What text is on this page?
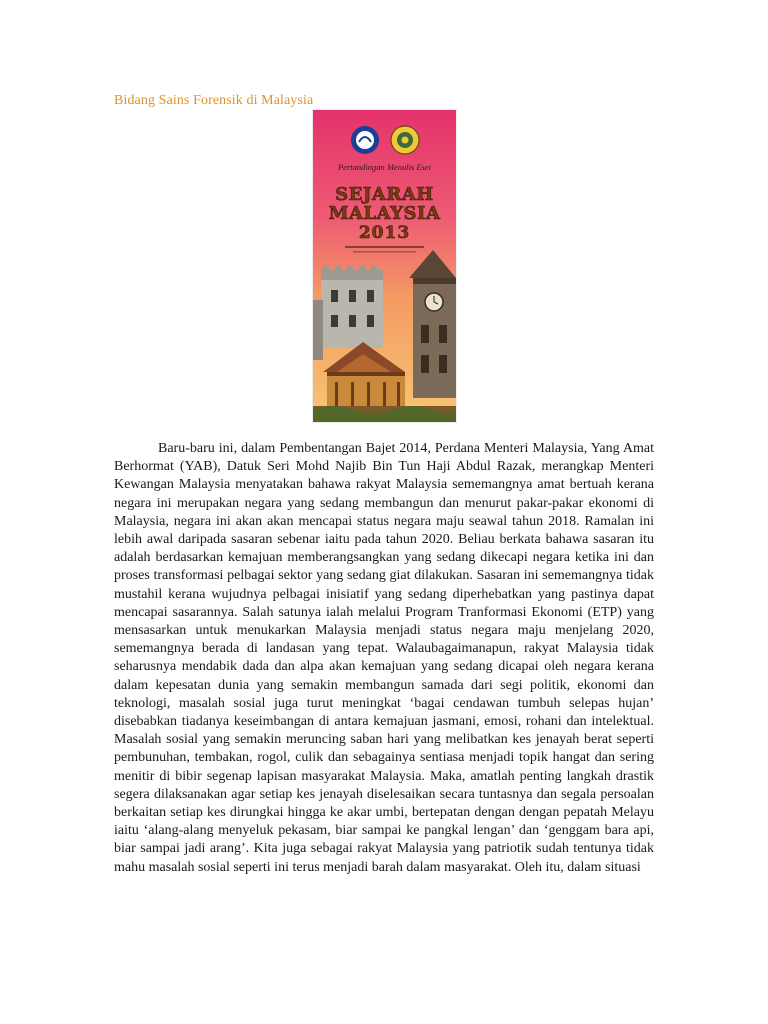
Bidang Sains Forensik di Malaysia
Pertandingan Menulis Esei
SEJARAH
MALAYSIA
2013

Baru-baru ini, dalam Pembentangan Bajet 2014, Perdana Menteri Malaysia, Yang Amat Berhormat (YAB), Datuk Seri Mohd Najib Bin Tun Haji Abdul Razak, merangkap Menteri Kewangan Malaysia menyatakan bahawa rakyat Malaysia sememangnya amat bertuah kerana negara ini merupakan negara yang sedang membangun dan menurut pakar-pakar ekonomi di Malaysia, negara ini akan akan mencapai status negara maju seawal tahun 2018. Ramalan ini lebih awal daripada sasaran sebenar iaitu pada tahun 2020. Beliau berkata bahawa sasaran itu adalah berdasarkan kemajuan memberangsangkan yang sedang dikecapi negara ketika ini dan proses transformasi pelbagai sektor yang sedang giat dilakukan. Sasaran ini sememangnya tidak mustahil kerana wujudnya pelbagai inisiatif yang sedang diperhebatkan yang pastinya dapat mencapai sasarannya. Salah satunya ialah melalui Program Tranformasi Ekonomi (ETP) yang mensasarkan untuk menukarkan Malaysia menjadi status negara maju menjelang 2020, sememangnya berada di landasan yang tepat. Walaubagaimanapun, rakyat Malaysia tidak seharusnya mendabik dada dan alpa akan kemajuan yang sedang dicapai oleh negara kerana dalam kepesatan dunia yang semakin membangun samada dari segi politik, ekonomi dan teknologi, masalah sosial juga turut meningkat ‘bagai cendawan tumbuh selepas hujan’ disebabkan tiadanya keseimbangan di antara kemajuan jasmani, emosi, rohani dan intelektual. Masalah sosial yang semakin meruncing saban hari yang melibatkan kes jenayah berat seperti pembunuhan, tembakan, rogol, culik dan sebagainya sentiasa menjadi topik hangat dan sering menitir di bibir segenap lapisan masyarakat Malaysia. Maka, amatlah penting langkah drastik segera dilaksanakan agar setiap kes jenayah diselesaikan secara tuntasnya dan segala persoalan berkaitan setiap kes dirungkai hingga ke akar umbi, bertepatan dengan dengan pepatah Melayu iaitu ‘alang-alang menyeluk pekasam, biar sampai ke pangkal lengan’ dan ‘genggam bara api, biar sampai jadi arang’. Kita juga sebagai rakyat Malaysia yang patriotik sudah tentunya tidak mahu masalah sosial seperti ini terus menjadi barah dalam masyarakat. Oleh itu, dalam situasi
